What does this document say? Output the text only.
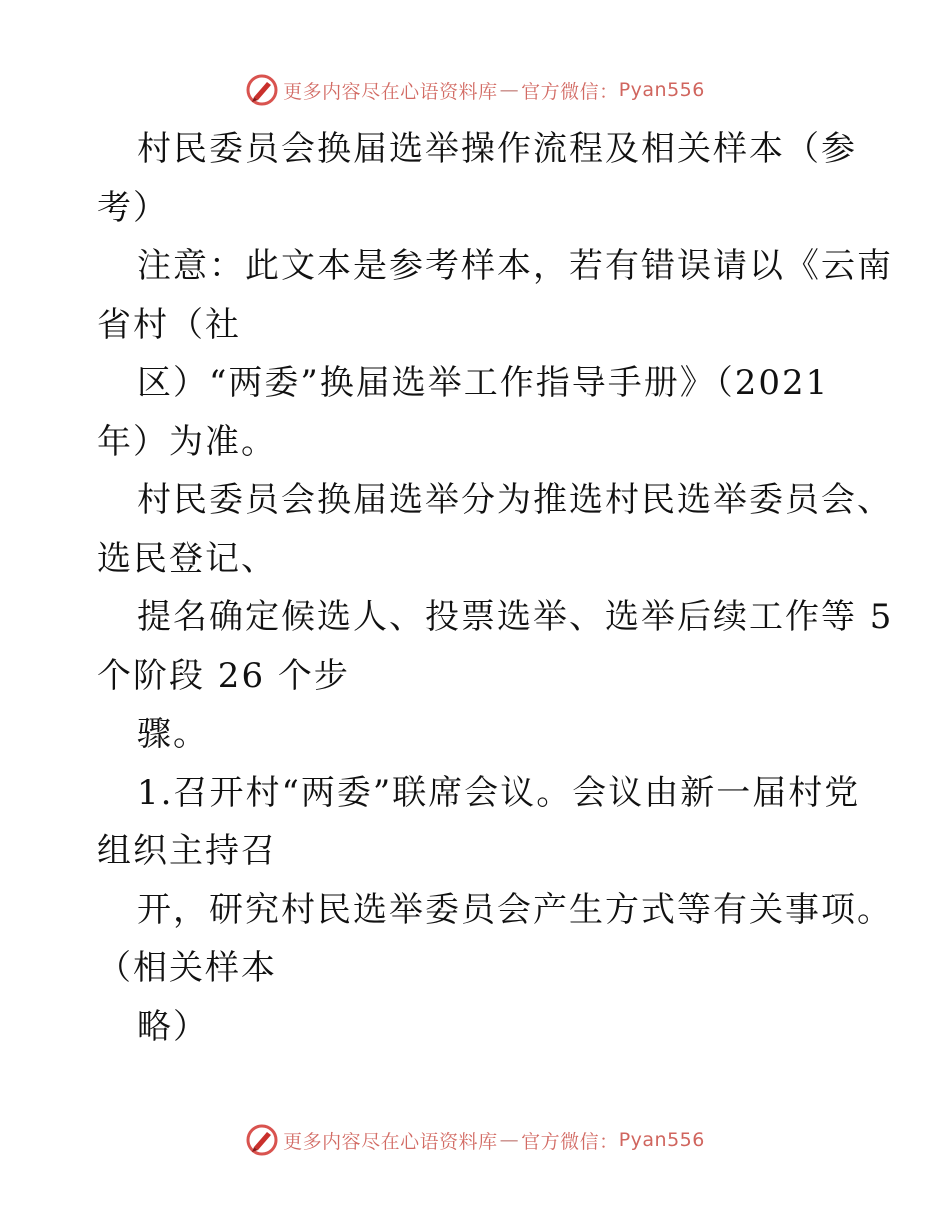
更多内容尽在心语资料库 — 官方微信： Pyan556
村民委员会换届选举操作流程及相关样本（参
考）
注意：此文本是参考样本，若有错误请以《云南
省村（社
区）“两委”换届选举工作指导手册》（2021
年）为准。
村民委员会换届选举分为推选村民选举委员会、
选民登记、
提名确定候选人、投票选举、选举后续工作等 5
个阶段 26 个步
骤。
1.召开村“两委”联席会议。会议由新一届村党
组织主持召
开，研究村民选举委员会产生方式等有关事项。
（相关样本
略）
更多内容尽在心语资料库 — 官方微信： Pyan556
